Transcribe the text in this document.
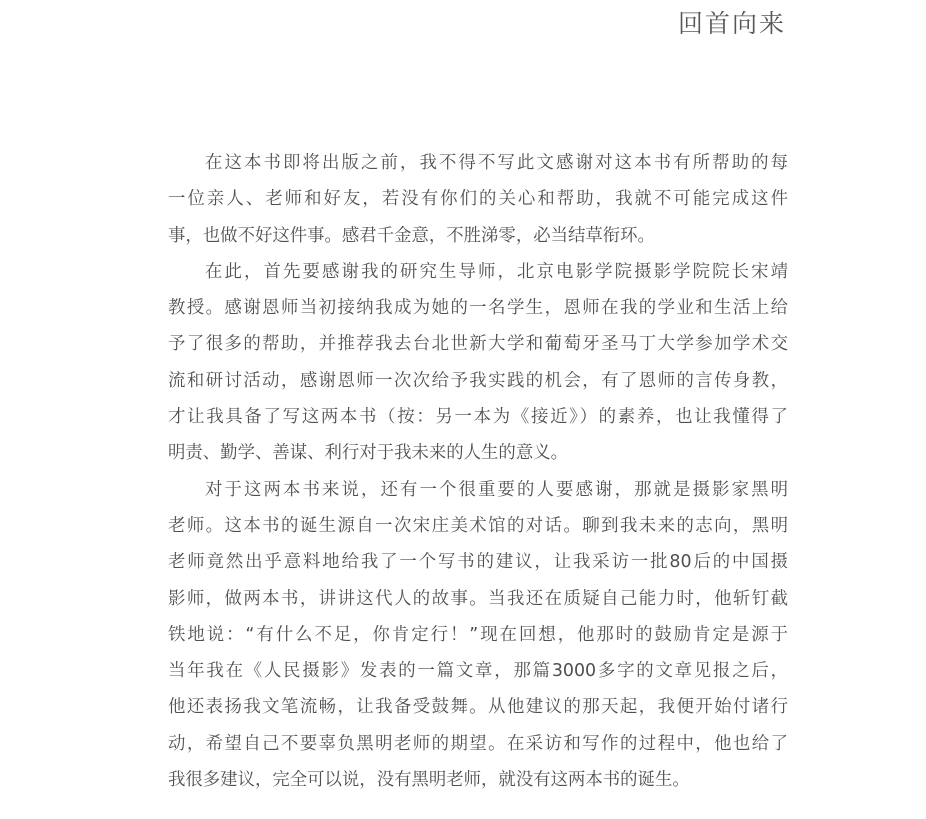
回首向来
在这本书即将出版之前，我不得不写此文感谢对这本书有所帮助的每
一位亲人、老师和好友，若没有你们的关心和帮助，我就不可能完成这件
事，也做不好这件事。感君千金意，不胜涕零，必当结草衔环。
在此，首先要感谢我的研究生导师，北京电影学院摄影学院院长宋靖
教授。感谢恩师当初接纳我成为她的一名学生，恩师在我的学业和生活上给
予了很多的帮助，并推荐我去台北世新大学和葡萄牙圣马丁大学参加学术交
流和研讨活动，感谢恩师一次次给予我实践的机会，有了恩师的言传身教，
才让我具备了写这两本书（按：另一本为《接近》）的素养，也让我懂得了
明责、勤学、善谋、利行对于我未来的人生的意义。
对于这两本书来说，还有一个很重要的人要感谢，那就是摄影家黑明
老师。这本书的诞生源自一次宋庄美术馆的对话。聊到我未来的志向，黑明
老师竟然出乎意料地给我了一个写书的建议，让我采访一批80后的中国摄
影师，做两本书，讲讲这代人的故事。当我还在质疑自己能力时，他斩钉截
铁地说：“有什么不足，你肯定行！”现在回想，他那时的鼓励肯定是源于
当年我在《人民摄影》发表的一篇文章，那篇3000多字的文章见报之后，
他还表扬我文笔流畅，让我备受鼓舞。从他建议的那天起，我便开始付诸行
动，希望自己不要辜负黑明老师的期望。在采访和写作的过程中，他也给了
我很多建议，完全可以说，没有黑明老师，就没有这两本书的诞生。
